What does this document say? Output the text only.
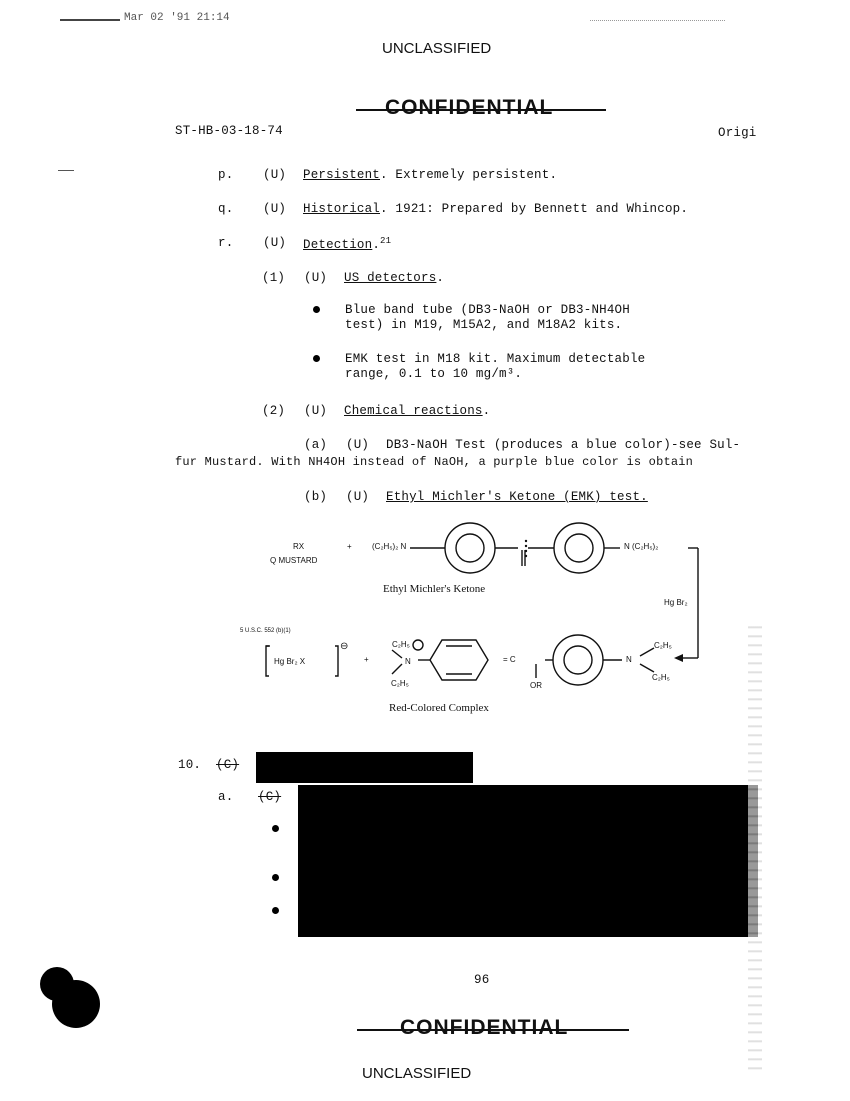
Mar 02 '91 21:14
UNCLASSIFIED
CONFIDENTIAL
ST-HB-03-18-74	Origi
p. (U) Persistent. Extremely persistent.
q. (U) Historical. 1921: Prepared by Bennett and Whincop.
r. (U) Detection.$^{21}$
(1) (U) US detectors.
Blue band tube (DB3-NaOH or DB3-NH4OH
test) in M19, M15A2, and M18A2 kits.
EMK test in M18 kit. Maximum detectable
range, 0.1 to 10 mg/m³.
(2) (U) Chemical reactions.
(a) (U) DB3-NaOH Test (produces a blue color)-see Sul-
fur Mustard. With NH4OH instead of NaOH, a purple blue color is obtain
(b) (U) Ethyl Michler's Ketone (EMK) test.
RX
Q MUSTARD
+	(C₂H₅)₂ N	N (C₂H₅)₂
Ethyl Michler's Ketone
Hg Br₂
5 U.S.C. 552 (b)(1)
Hg Br₂ X
⊖
+
C₂H₅
N
C₂H₅
= C
OR
N
C₂H₅
C₂H₅
Red-Colored Complex
10. (C)
a. (C)
96
CONFIDENTIAL
UNCLASSIFIED
